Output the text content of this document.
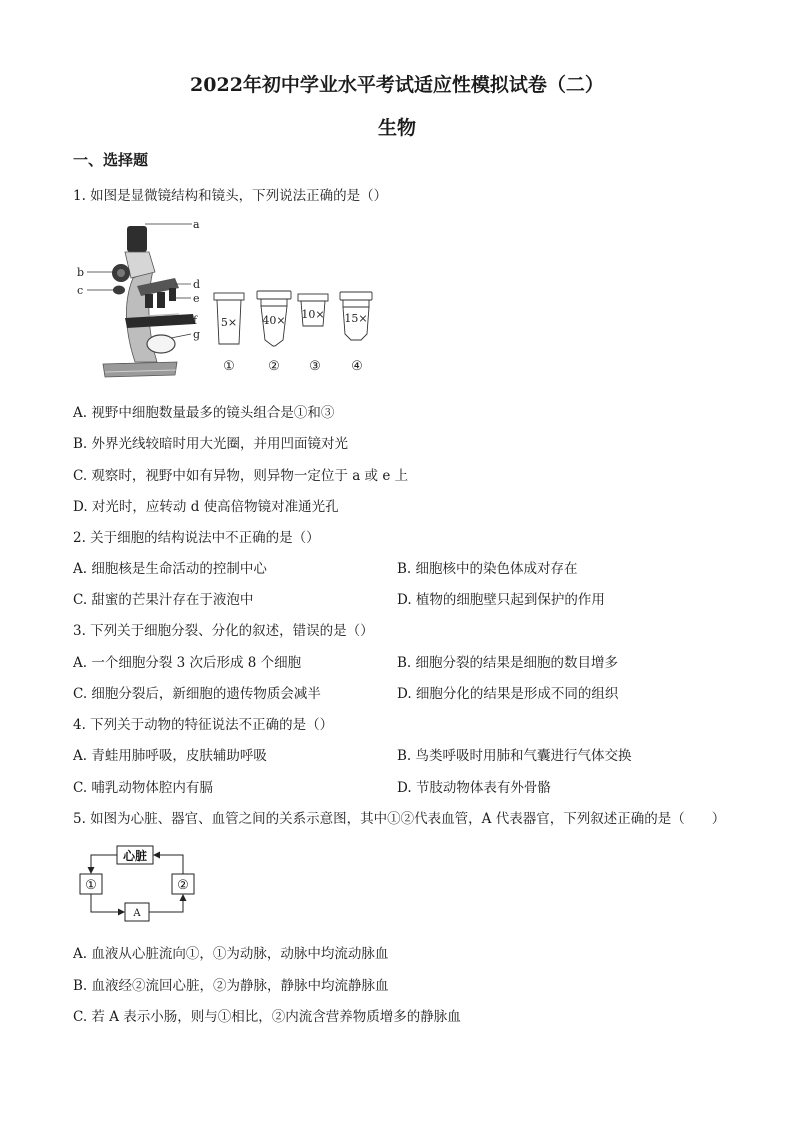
2022年初中学业水平考试适应性模拟试卷（二）
生物
一、选择题
1. 如图是显微镜结构和镜头，下列说法正确的是（）
a
b
c	d
e
f
g
5× 40× 10× 15×
①	② ③ ④
A. 视野中细胞数量最多的镜头组合是①和③
B. 外界光线较暗时用大光圈，并用凹面镜对光
C. 观察时，视野中如有异物，则异物一定位于 a 或 e 上
D. 对光时，应转动 d 使高倍物镜对准通光孔
2. 关于细胞的结构说法中不正确的是（）
A. 细胞核是生命活动的控制中心	B. 细胞核中的染色体成对存在
C. 甜蜜的芒果汁存在于液泡中	D. 植物的细胞壁只起到保护的作用
3. 下列关于细胞分裂、分化的叙述，错误的是（）
A. 一个细胞分裂 3 次后形成 8 个细胞	B. 细胞分裂的结果是细胞的数目增多
C. 细胞分裂后，新细胞的遗传物质会减半	D. 细胞分化的结果是形成不同的组织
4. 下列关于动物的特征说法不正确的是（）
A. 青蛙用肺呼吸，皮肤辅助呼吸	B. 鸟类呼吸时用肺和气囊进行气体交换
C. 哺乳动物体腔内有膈	D. 节肢动物体表有外骨骼
5. 如图为心脏、器官、血管之间的关系示意图，其中①②代表血管，A 代表器官，下列叙述正确的是（　　）
心脏
①	②
A
A. 血液从心脏流向①，①为动脉，动脉中均流动脉血
B. 血液经②流回心脏，②为静脉，静脉中均流静脉血
C. 若 A 表示小肠，则与①相比，②内流含营养物质增多的静脉血
